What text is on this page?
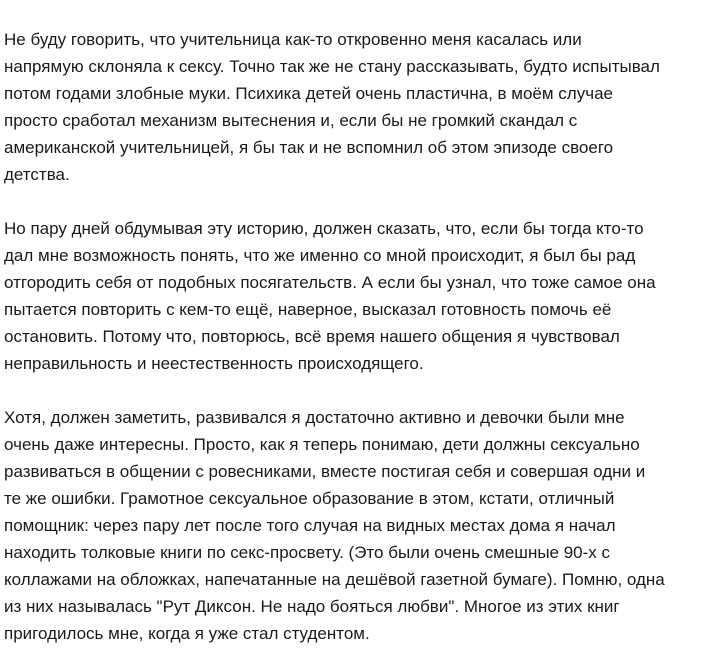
Не буду говорить, что учительница как-то откровенно меня касалась или
напрямую склоняла к сексу. Точно так же не стану рассказывать, будто испытывал
потом годами злобные муки. Психика детей очень пластична, в моём случае
просто сработал механизм вытеснения и, если бы не громкий скандал с
американской учительницей, я бы так и не вспомнил об этом эпизоде своего
детства.

Но пару дней обдумывая эту историю, должен сказать, что, если бы тогда кто-то
дал мне возможность понять, что же именно со мной происходит, я был бы рад
отгородить себя от подобных посягательств. А если бы узнал, что тоже самое она
пытается повторить с кем-то ещё, наверное, высказал готовность помочь её
остановить. Потому что, повторюсь, всё время нашего общения я чувствовал
неправильность и неестественность происходящего.

Хотя, должен заметить, развивался я достаточно активно и девочки были мне
очень даже интересны. Просто, как я теперь понимаю, дети должны сексуально
развиваться в общении с ровесниками, вместе постигая себя и совершая одни и
те же ошибки. Грамотное сексуальное образование в этом, кстати, отличный
помощник: через пару лет после того случая на видных местах дома я начал
находить толковые книги по секс-просвету. (Это были очень смешные 90-х с
коллажами на обложках, напечатанные на дешёвой газетной бумаге). Помню, одна
из них называлась "Рут Диксон. Не надо бояться любви". Многое из этих книг
пригодилось мне, когда я уже стал студентом.
